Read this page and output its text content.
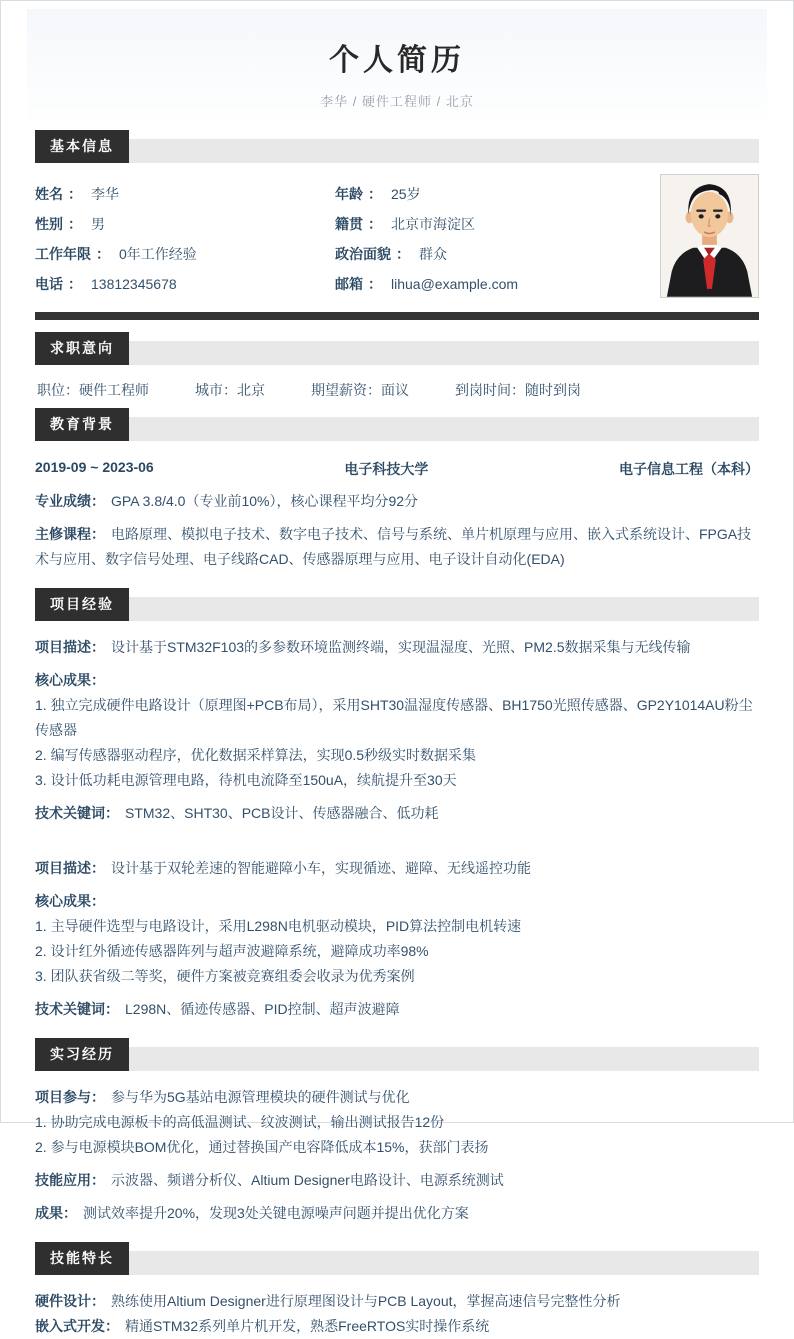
个人简历
李华 / 硬件工程师 / 北京
基本信息
姓名 ： 李华	年龄 ： 25岁
性别 ： 男	籍贯 ： 北京市海淀区
工作年限 ： 0年工作经验	政治面貌 ： 群众
电话 ： 13812345678	邮箱 ： lihua@example.com
求职意向
职位：硬件工程师	城市：北京	期望薪资：面议	到岗时间：随时到岗
教育背景
2019-09 ~ 2023-06	电子科技大学	电子信息工程（本科）

专业成绩： GPA 3.8/4.0（专业前10%），核心课程平均分92分

主修课程： 电路原理、模拟电子技术、数字电子技术、信号与系统、单片机原理与应用、嵌入式系统设计、FPGA技术与应用、数字信号处理、电子线路CAD、传感器原理与应用、电子设计自动化(EDA)

项目经验

项目描述： 设计基于STM32F103的多参数环境监测终端，实现温湿度、光照、PM2.5数据采集与无线传输

核心成果：

1. 独立完成硬件电路设计（原理图+PCB布局），采用SHT30温湿度传感器、BH1750光照传感器、GP2Y1014AU粉尘传感器

2. 编写传感器驱动程序，优化数据采样算法，实现0.5秒级实时数据采集

3. 设计低功耗电源管理电路，待机电流降至150uA，续航提升至30天

技术关键词： STM32、SHT30、PCB设计、传感器融合、低功耗

项目描述： 设计基于双轮差速的智能避障小车，实现循迹、避障、无线遥控功能

核心成果：

1. 主导硬件选型与电路设计，采用L298N电机驱动模块，PID算法控制电机转速

2. 设计红外循迹传感器阵列与超声波避障系统，避障成功率98%

3. 团队获省级二等奖，硬件方案被竞赛组委会收录为优秀案例

技术关键词： L298N、循迹传感器、PID控制、超声波避障

实习经历

项目参与： 参与华为5G基站电源管理模块的硬件测试与优化

1. 协助完成电源板卡的高低温测试、纹波测试，输出测试报告12份

2. 参与电源模块BOM优化，通过替换国产电容降低成本15%，获部门表扬

技能应用： 示波器、频谱分析仪、Altium Designer电路设计、电源系统测试

成果： 测试效率提升20%，发现3处关键电源噪声问题并提出优化方案

技能特长

硬件设计： 熟练使用Altium Designer进行原理图设计与PCB Layout，掌握高速信号完整性分析

嵌入式开发： 精通STM32系列单片机开发，熟悉FreeRTOS实时操作系统
